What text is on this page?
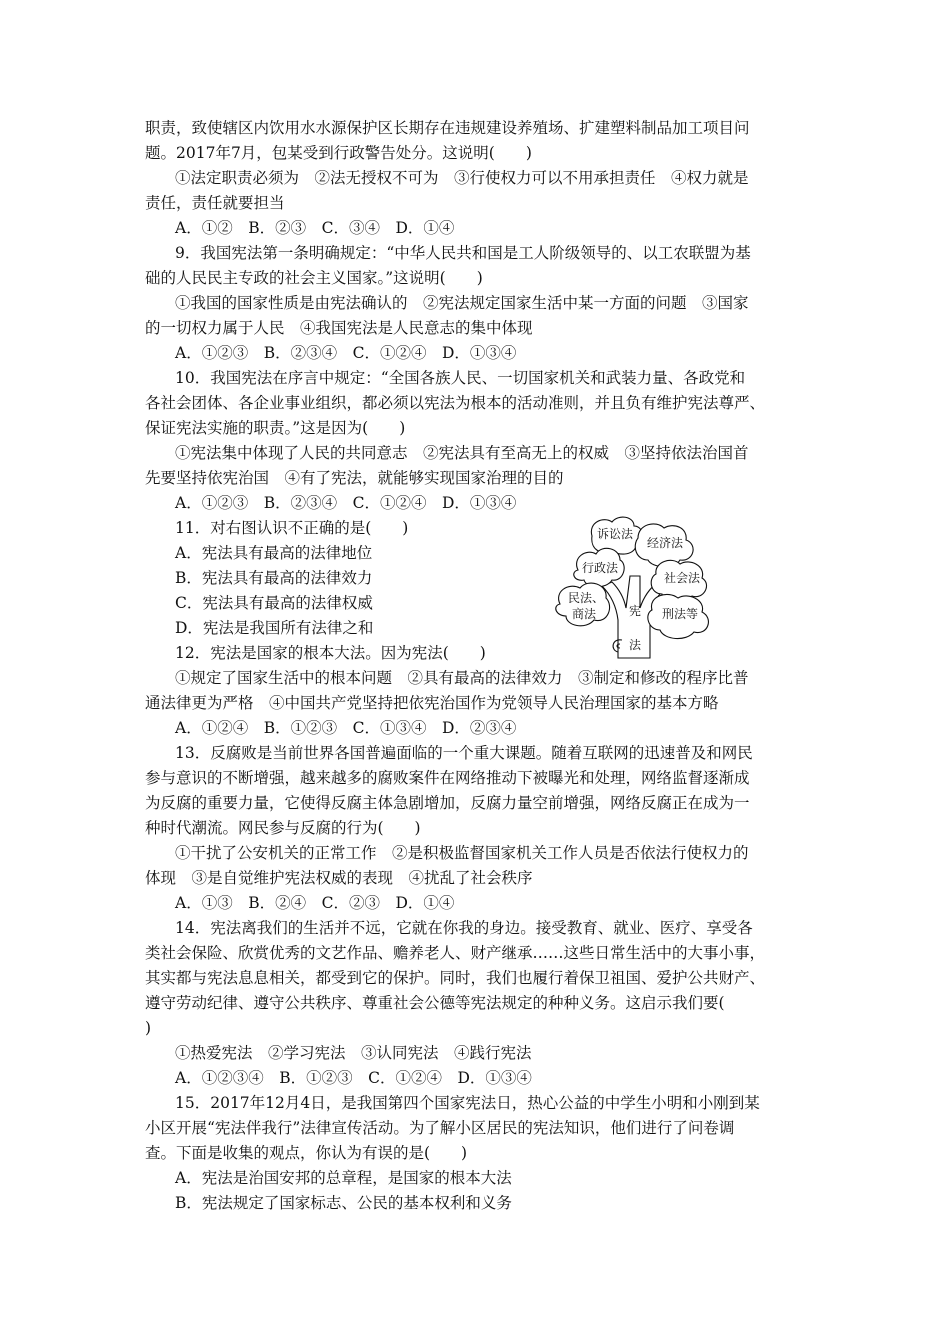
职责，致使辖区内饮用水水源保护区长期存在违规建设养殖场、扩建塑料制品加工项目问
题。2017年7月，包某受到行政警告处分。这说明(　　)
①法定职责必须为　②法无授权不可为　③行使权力可以不用承担责任　④权力就是
责任，责任就要担当
A．①②　B．②③　C．③④　D．①④
9．我国宪法第一条明确规定：“中华人民共和国是工人阶级领导的、以工农联盟为基
础的人民民主专政的社会主义国家。”这说明(　　)
①我国的国家性质是由宪法确认的　②宪法规定国家生活中某一方面的问题　③国家
的一切权力属于人民　④我国宪法是人民意志的集中体现
A．①②③　B．②③④　C．①②④　D．①③④
10．我国宪法在序言中规定：“全国各族人民、一切国家机关和武装力量、各政党和
各社会团体、各企业事业组织，都必须以宪法为根本的活动准则，并且负有维护宪法尊严、
保证宪法实施的职责。”这是因为(　　)
①宪法集中体现了人民的共同意志　②宪法具有至高无上的权威　③坚持依法治国首
先要坚持依宪治国　④有了宪法，就能够实现国家治理的目的
A．①②③　B．②③④　C．①②④　D．①③④
11．对右图认识不正确的是(　　)
A．宪法具有最高的法律地位
B．宪法具有最高的法律效力
C．宪法具有最高的法律权威
D．宪法是我国所有法律之和
诉讼法
经济法
行政法
社会法
民法、
商法	刑法等
宪
法
12．宪法是国家的根本大法。因为宪法(　　)
①规定了国家生活中的根本问题　②具有最高的法律效力　③制定和修改的程序比普
通法律更为严格　④中国共产党坚持把依宪治国作为党领导人民治理国家的基本方略
A．①②④　B．①②③　C．①③④　D．②③④
13．反腐败是当前世界各国普遍面临的一个重大课题。随着互联网的迅速普及和网民
参与意识的不断增强，越来越多的腐败案件在网络推动下被曝光和处理，网络监督逐渐成
为反腐的重要力量，它使得反腐主体急剧增加，反腐力量空前增强，网络反腐正在成为一
种时代潮流。网民参与反腐的行为(　　)
①干扰了公安机关的正常工作　②是积极监督国家机关工作人员是否依法行使权力的
体现　③是自觉维护宪法权威的表现　④扰乱了社会秩序
A．①③　B．②④　C．②③　D．①④
14．宪法离我们的生活并不远，它就在你我的身边。接受教育、就业、医疗、享受各
类社会保险、欣赏优秀的文艺作品、赡养老人、财产继承……这些日常生活中的大事小事，
其实都与宪法息息相关，都受到它的保护。同时，我们也履行着保卫祖国、爱护公共财产、
遵守劳动纪律、遵守公共秩序、尊重社会公德等宪法规定的种种义务。这启示我们要(
)
①热爱宪法　②学习宪法　③认同宪法　④践行宪法
A．①②③④　B．①②③　C．①②④　D．①③④
15．2017年12月4日，是我国第四个国家宪法日，热心公益的中学生小明和小刚到某
小区开展“宪法伴我行”法律宣传活动。为了解小区居民的宪法知识，他们进行了问卷调
查。下面是收集的观点，你认为有误的是(　　)
A．宪法是治国安邦的总章程，是国家的根本大法
B．宪法规定了国家标志、公民的基本权利和义务
